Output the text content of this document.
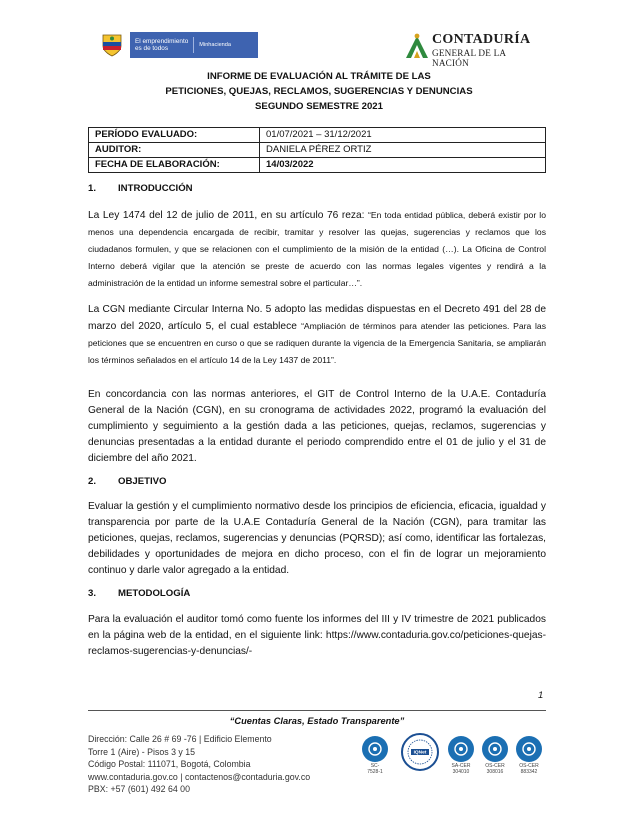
El emprendimiento
es de todos
Minhacienda	CONTADURÍA
GENERAL DE LA NACIÓN
INFORME DE EVALUACIÓN AL TRÁMITE DE LAS
PETICIONES, QUEJAS, RECLAMOS, SUGERENCIAS Y DENUNCIAS
SEGUNDO SEMESTRE 2021
PERÍODO EVALUADO:	01/07/2021 – 31/12/2021
AUDITOR:	DANIELA PÉREZ ORTIZ
FECHA DE ELABORACIÓN:	14/03/2022
1.	INTRODUCCIÓN
La Ley 1474 del 12 de julio de 2011, en su artículo 76 reza: “En toda entidad pública, deberá existir por lo menos una dependencia encargada de recibir, tramitar y resolver las quejas, sugerencias y reclamos que los ciudadanos formulen, y que se relacionen con el cumplimiento de la misión de la entidad (…). La Oficina de Control Interno deberá vigilar que la atención se preste de acuerdo con las normas legales vigentes y rendirá a la administración de la entidad un informe semestral sobre el particular…”.
La CGN mediante Circular Interna No. 5 adopto las medidas dispuestas en el Decreto 491 del 28 de marzo del 2020, artículo 5, el cual establece “Ampliación de términos para atender las peticiones. Para las peticiones que se encuentren en curso o que se radiquen durante la vigencia de la Emergencia Sanitaria, se ampliarán los términos señalados en el artículo 14 de la Ley 1437 de 2011”.
En concordancia con las normas anteriores, el GIT de Control Interno de la U.A.E. Contaduría General de la Nación (CGN), en su cronograma de actividades 2022, programó la evaluación del cumplimiento y seguimiento a la gestión dada a las peticiones, quejas, reclamos, sugerencias y denuncias presentadas a la entidad durante el periodo comprendido entre el 01 de julio y el 31 de diciembre del año 2021.
2.	OBJETIVO
Evaluar la gestión y el cumplimiento normativo desde los principios de eficiencia, eficacia, igualdad y transparencia por parte de la U.A.E Contaduría General de la Nación (CGN), para tramitar las peticiones, quejas, reclamos, sugerencias y denuncias (PQRSD); así como, identificar las fortalezas, debilidades y oportunidades de mejora en dicho proceso, con el fin de lograr un mejoramiento continuo y darle valor agregado a la entidad.
3.	METODOLOGÍA
Para la evaluación el auditor tomó como fuente los informes del III y IV trimestre de 2021 publicados en la página web de la entidad, en el siguiente link: https://www.contaduria.gov.co/peticiones-quejas-reclamos-sugerencias-y-denuncias/-
1
“Cuentas Claras, Estado Transparente”
Dirección: Calle 26 # 69 -76 | Edificio Elemento
Torre 1 (Aire) - Pisos 3 y 15
Código Postal: 111071, Bogotá, Colombia
www.contaduria.gov.co | contactenos@contaduria.gov.co
PBX: +57 (601) 492 64 00
SC-
7528-1
IQNet
SA-CER
304010
OS-CER
308016
OS-CER
883342
